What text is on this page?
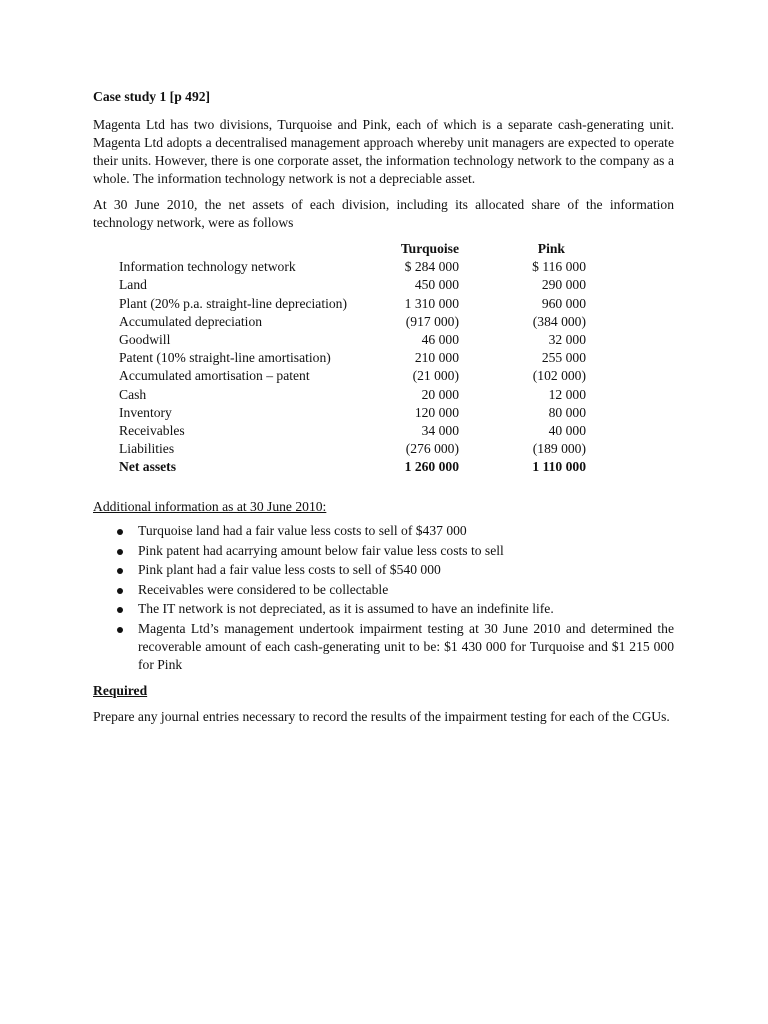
Case study 1 [p 492]

Magenta Ltd has two divisions, Turquoise and Pink, each of which is a separate cash-generating unit. Magenta Ltd adopts a decentralised management approach whereby unit managers are expected to operate their units. However, there is one corporate asset, the information technology network to the company as a whole. The information technology network is not a depreciable asset.

At 30 June 2010, the net assets of each division, including its allocated share of the information technology network, were as follows

	Turquoise	Pink
Information technology network	$ 284 000	$ 116 000
Land	450 000	290 000
Plant (20% p.a. straight-line depreciation)	1 310 000	960 000
Accumulated depreciation	(917 000)	(384 000)
Goodwill	46 000	32 000
Patent (10% straight-line amortisation)	210 000	255 000
Accumulated amortisation – patent	(21 000)	(102 000)
Cash	20 000	12 000
Inventory	120 000	80 000
Receivables	34 000	40 000
Liabilities	(276 000)	(189 000)
Net assets	1 260 000	1 110 000
Additional information as at 30 June 2010:
Turquoise land had a fair value less costs to sell of $437 000
Pink patent had acarrying amount below fair value less costs to sell
Pink plant had a fair value less costs to sell of $540 000
Receivables were considered to be collectable
The IT network is not depreciated, as it is assumed to have an indefinite life.
Magenta Ltd’s management undertook impairment testing at 30 June 2010 and determined the recoverable amount of each cash-generating unit to be: $1 430 000 for Turquoise and $1 215 000 for Pink
Required

Prepare any journal entries necessary to record the results of the impairment testing for each of the CGUs.
